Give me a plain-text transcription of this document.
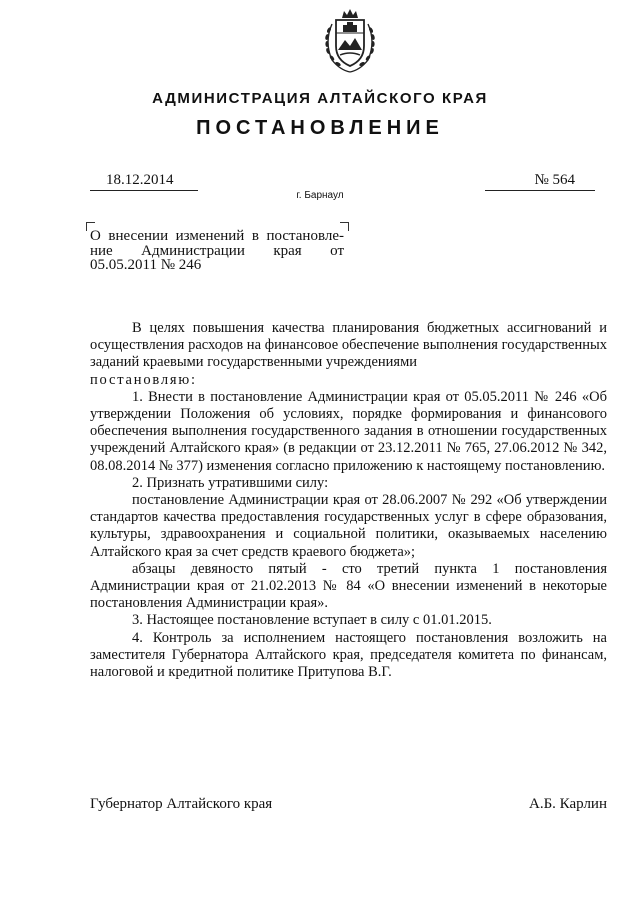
АДМИНИСТРАЦИЯ АЛТАЙСКОГО КРАЯ
ПОСТАНОВЛЕНИЕ
18.12.2014	№ 564
г. Барнаул
О внесении изменений в постановле-
ние Администрации края от
05.05.2011 № 246

В целях повышения качества планирования бюджетных ассигнований и осуществления расходов на финансовое обеспечение выполнения государственных заданий краевыми государственными учреждениями

постановляю:

1. Внести в постановление Администрации края от 05.05.2011 № 246 «Об утверждении Положения об условиях, порядке формирования и финансового обеспечения выполнения государственного задания в отношении государственных учреждений Алтайского края» (в редакции от 23.12.2011 № 765, 27.06.2012 № 342, 08.08.2014 № 377) изменения согласно приложению к настоящему постановлению.

2. Признать утратившими силу:

постановление Администрации края от 28.06.2007 № 292 «Об утверждении стандартов качества предоставления государственных услуг в сфере образования, культуры, здравоохранения и социальной политики, оказываемых населению Алтайского края за счет средств краевого бюджета»;

абзацы девяносто пятый - сто третий пункта 1 постановления Администрации края от 21.02.2013 № 84 «О внесении изменений в некоторые постановления Администрации края».

3. Настоящее постановление вступает в силу с 01.01.2015.

4. Контроль за исполнением настоящего постановления возложить на заместителя Губернатора Алтайского края, председателя комитета по финансам, налоговой и кредитной политике Притупова В.Г.

Губернатор Алтайского края	А.Б. Карлин
